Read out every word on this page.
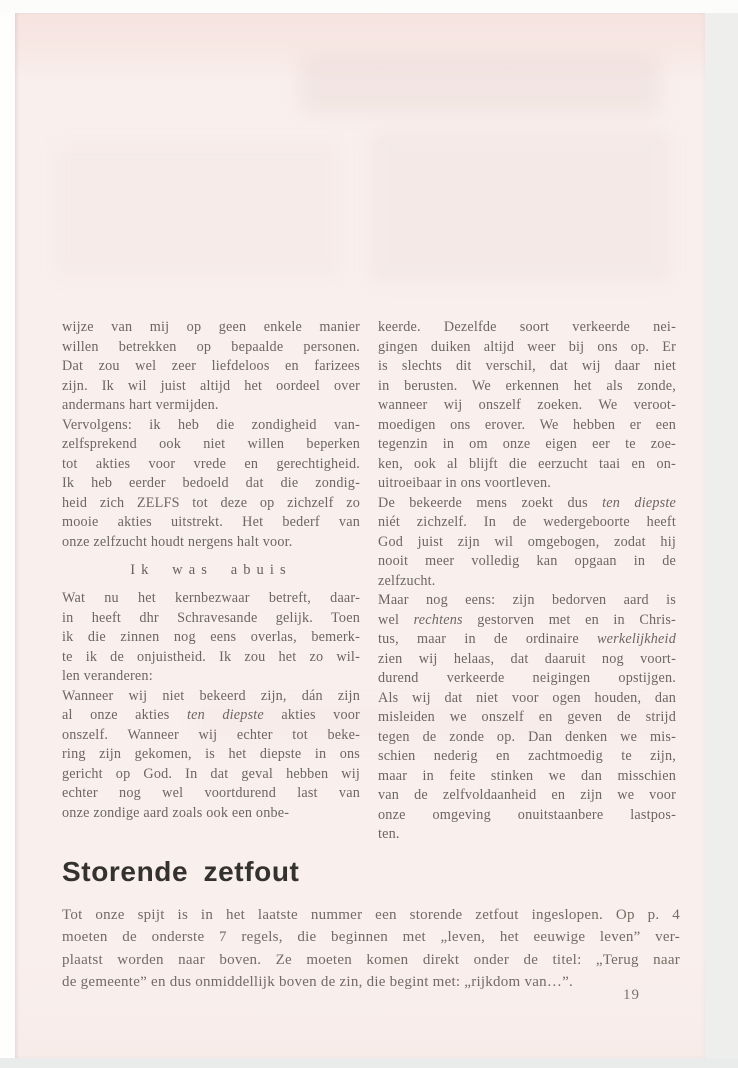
wijze van mij op geen enkele manier
willen betrekken op bepaalde personen.
Dat zou wel zeer liefdeloos en farizees
zijn. Ik wil juist altijd het oordeel over
andermans hart vermijden.
Vervolgens: ik heb die zondigheid van-
zelfsprekend ook niet willen beperken
tot akties voor vrede en gerechtigheid.
Ik heb eerder bedoeld dat die zondig-
heid zich ZELFS tot deze op zichzelf zo
mooie akties uitstrekt. Het bederf van
onze zelfzucht houdt nergens halt voor.
Ik was abuis
Wat nu het kernbezwaar betreft, daar-
in heeft dhr Schravesande gelijk. Toen
ik die zinnen nog eens overlas, bemerk-
te ik de onjuistheid. Ik zou het zo wil-
len veranderen:
Wanneer wij niet bekeerd zijn, dán zijn
al onze akties ten diepste akties voor
onszelf. Wanneer wij echter tot beke-
ring zijn gekomen, is het diepste in ons
gericht op God. In dat geval hebben wij
echter nog wel voortdurend last van
onze zondige aard zoals ook een onbe-
keerde. Dezelfde soort verkeerde nei-
gingen duiken altijd weer bij ons op. Er
is slechts dit verschil, dat wij daar niet
in berusten. We erkennen het als zonde,
wanneer wij onszelf zoeken. We veroot-
moedigen ons erover. We hebben er een
tegenzin in om onze eigen eer te zoe-
ken, ook al blijft die eerzucht taai en on-
uitroeibaar in ons voortleven.
De bekeerde mens zoekt dus ten diepste
niét zichzelf. In de wedergeboorte heeft
God juist zijn wil omgebogen, zodat hij
nooit meer volledig kan opgaan in de
zelfzucht.
Maar nog eens: zijn bedorven aard is
wel rechtens gestorven met en in Chris-
tus, maar in de ordinaire werkelijkheid
zien wij helaas, dat daaruit nog voort-
durend verkeerde neigingen opstijgen.
Als wij dat niet voor ogen houden, dan
misleiden we onszelf en geven de strijd
tegen de zonde op. Dan denken we mis-
schien nederig en zachtmoedig te zijn,
maar in feite stinken we dan misschien
van de zelfvoldaanheid en zijn we voor
onze omgeving onuitstaanbere lastpos-
ten.
Storende zetfout
Tot onze spijt is in het laatste nummer een storende zetfout ingeslopen. Op p. 4
moeten de onderste 7 regels, die beginnen met „leven, het eeuwige leven” ver-
plaatst worden naar boven. Ze moeten komen direkt onder de titel: „Terug naar
de gemeente” en dus onmiddellijk boven de zin, die begint met: „rijkdom van…”.
19
